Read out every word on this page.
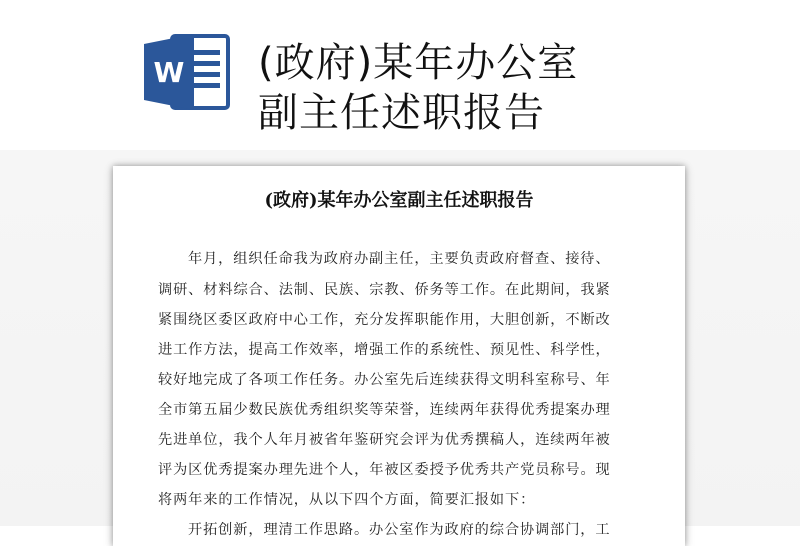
W (政府)某年办公室
副主任述职报告
(政府)某年办公室副主任述职报告
年月，组织任命我为政府办副主任，主要负责政府督查、接待、
调研、材料综合、法制、民族、宗教、侨务等工作。在此期间，我紧
紧围绕区委区政府中心工作，充分发挥职能作用，大胆创新，不断改
进工作方法，提高工作效率，增强工作的系统性、预见性、科学性，
较好地完成了各项工作任务。办公室先后连续获得文明科室称号、年
全市第五届少数民族优秀组织奖等荣誉，连续两年获得优秀提案办理
先进单位，我个人年月被省年鉴研究会评为优秀撰稿人，连续两年被
评为区优秀提案办理先进个人，年被区委授予优秀共产党员称号。现
将两年来的工作情况，从以下四个方面，简要汇报如下：
开拓创新，理清工作思路。办公室作为政府的综合协调部门，工
